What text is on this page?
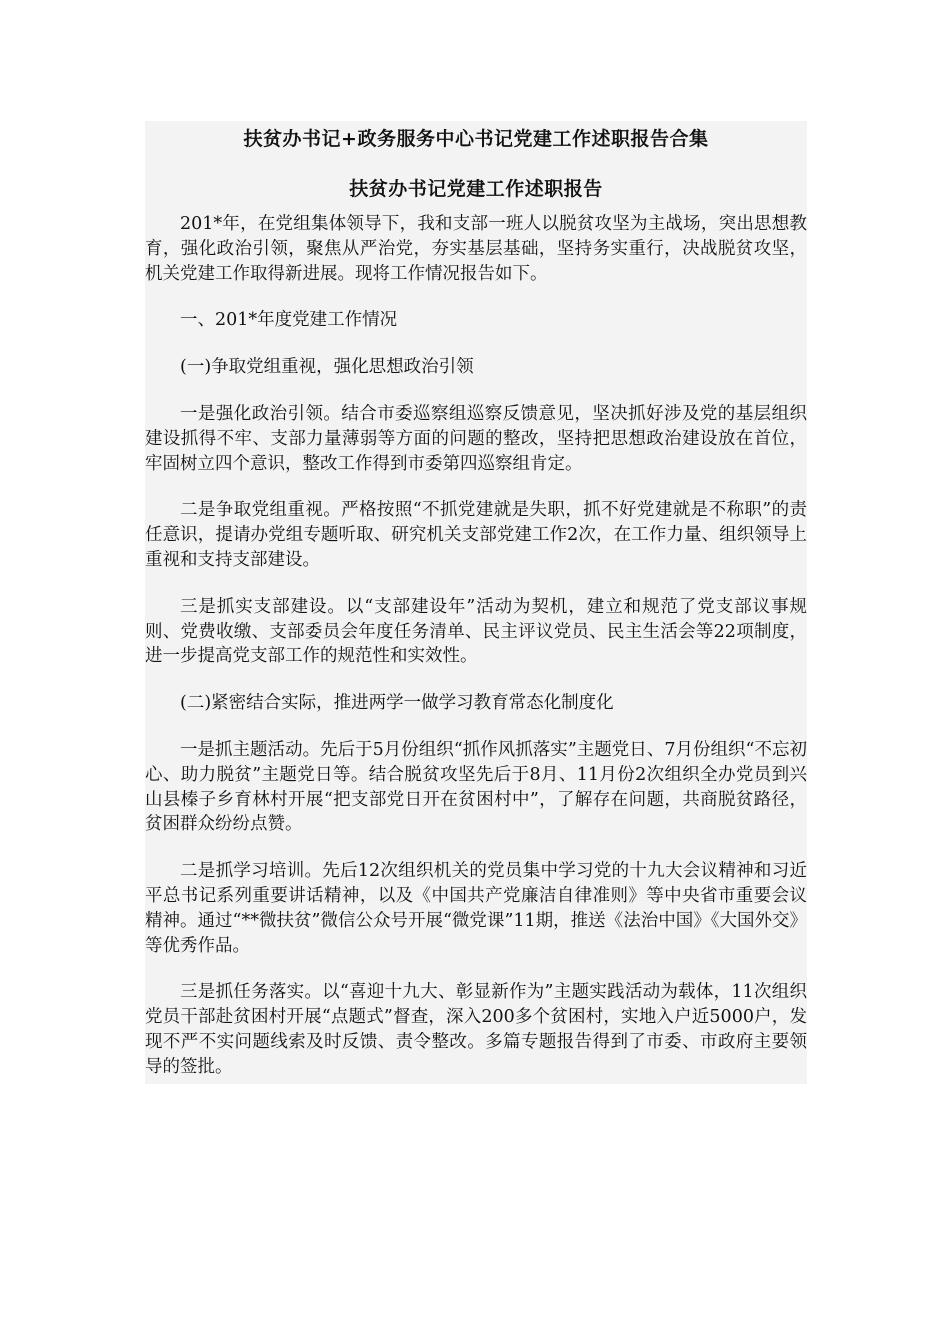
扶贫办书记+政务服务中心书记党建工作述职报告合集

扶贫办书记党建工作述职报告

201*年，在党组集体领导下，我和支部一班人以脱贫攻坚为主战场，突出思想教育，强化政治引领，聚焦从严治党，夯实基层基础，坚持务实重行，决战脱贫攻坚，机关党建工作取得新进展。现将工作情况报告如下。

一、201*年度党建工作情况

(一)争取党组重视，强化思想政治引领

一是强化政治引领。结合市委巡察组巡察反馈意见，坚决抓好涉及党的基层组织建设抓得不牢、支部力量薄弱等方面的问题的整改，坚持把思想政治建设放在首位，牢固树立四个意识，整改工作得到市委第四巡察组肯定。

二是争取党组重视。严格按照“不抓党建就是失职，抓不好党建就是不称职”的责任意识，提请办党组专题听取、研究机关支部党建工作2次，在工作力量、组织领导上重视和支持支部建设。

三是抓实支部建设。以“支部建设年”活动为契机，建立和规范了党支部议事规则、党费收缴、支部委员会年度任务清单、民主评议党员、民主生活会等22项制度，进一步提高党支部工作的规范性和实效性。

(二)紧密结合实际，推进两学一做学习教育常态化制度化

一是抓主题活动。先后于5月份组织“抓作风抓落实”主题党日、7月份组织“不忘初心、助力脱贫”主题党日等。结合脱贫攻坚先后于8月、11月份2次组织全办党员到兴山县榛子乡育林村开展“把支部党日开在贫困村中”，了解存在问题，共商脱贫路径，贫困群众纷纷点赞。

二是抓学习培训。先后12次组织机关的党员集中学习党的十九大会议精神和习近平总书记系列重要讲话精神，以及《中国共产党廉洁自律准则》等中央省市重要会议精神。通过“**微扶贫”微信公众号开展“微党课”11期，推送《法治中国》《大国外交》等优秀作品。

三是抓任务落实。以“喜迎十九大、彰显新作为”主题实践活动为载体，11次组织党员干部赴贫困村开展“点题式”督查，深入200多个贫困村，实地入户近5000户，发现不严不实问题线索及时反馈、责令整改。多篇专题报告得到了市委、市政府主要领导的签批。
